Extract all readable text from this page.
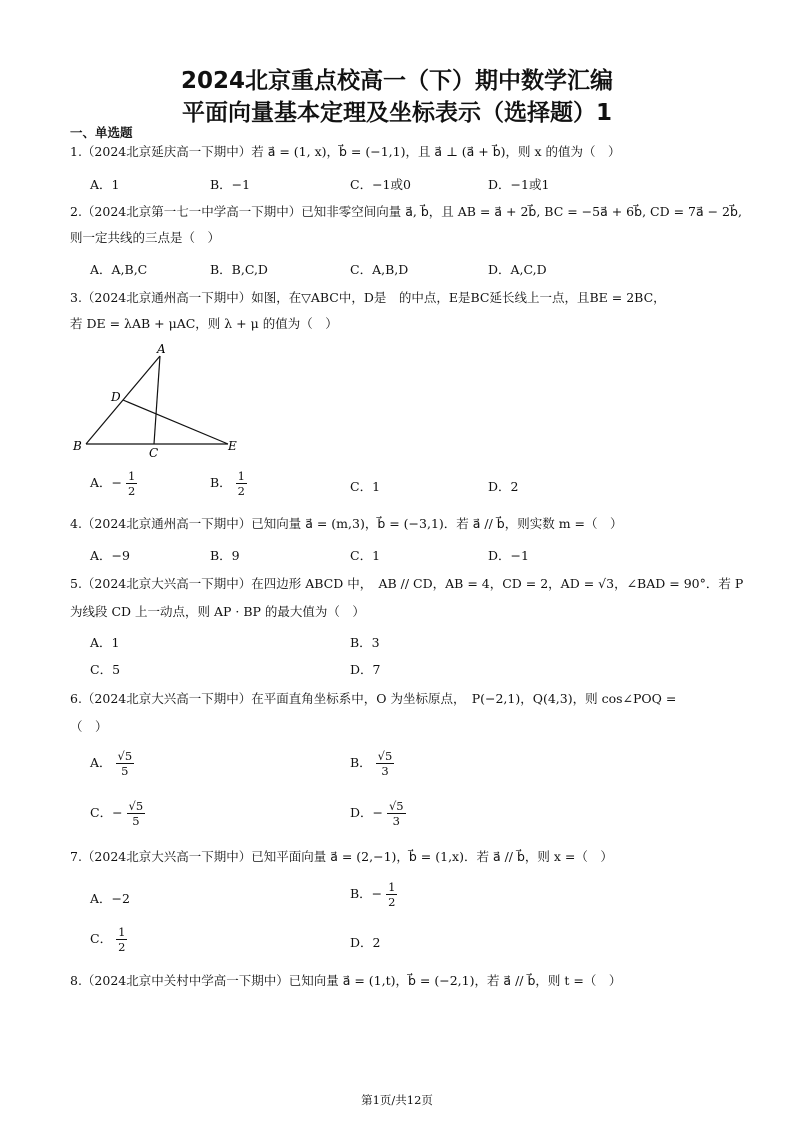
2024北京重点校高一（下）期中数学汇编
平面向量基本定理及坐标表示（选择题）1
一、单选题
1.（2024北京延庆高一下期中）若 a⃗ = (1, x)，b⃗ = (−1,1)，且 a⃗ ⊥ (a⃗ + b⃗)，则 x 的值为（　）
A．1	B．−1	C．−1或0	D．−1或1
2.（2024北京第一七一中学高一下期中）已知非零空间向量 a⃗, b⃗，且 AB = a⃗ + 2b⃗, BC = −5a⃗ + 6b⃗, CD = 7a⃗ − 2b⃗,
则一定共线的三点是（　）
A．A,B,C	B．B,C,D	C．A,B,D	D．A,C,D
3.（2024北京通州高一下期中）如图，在▽ABC中，D是　的中点，E是BC延长线上一点，且BE = 2BC，
若 DE = λAB + μAC，则 λ + μ 的值为（　）
A
D
B	C	E
A．− $\frac{1}{2}$	B． $\frac{1}{2}$	C．1	D．2
4.（2024北京通州高一下期中）已知向量 a⃗ = (m,3)，b⃗ = (−3,1)．若 a⃗ // b⃗，则实数 m =（　）
A．−9	B．9	C．1	D．−1
5.（2024北京大兴高一下期中）在四边形 ABCD 中，　AB // CD，AB = 4，CD = 2，AD = √3，∠BAD = 90°．若 P
为线段 CD 上一动点，则 AP · BP 的最大值为（　）
A．1	B．3
C．5	D．7
6.（2024北京大兴高一下期中）在平面直角坐标系中，O 为坐标原点，　P(−2,1)，Q(4,3)，则 cos∠POQ =
（　）
A． $\frac{√5}{5}$	B． $\frac{√5}{3}$
C．− $\frac{√5}{5}$	D．− $\frac{√5}{3}$
7.（2024北京大兴高一下期中）已知平面向量 a⃗ = (2,−1)，b⃗ = (1,x)．若 a⃗ // b⃗，则 x =（　）
A．−2	B．− $\frac{1}{2}$
C． $\frac{1}{2}$	D．2
8.（2024北京中关村中学高一下期中）已知向量 a⃗ = (1,t)，b⃗ = (−2,1)，若 a⃗ // b⃗，则 t =（　）
第1页/共12页
